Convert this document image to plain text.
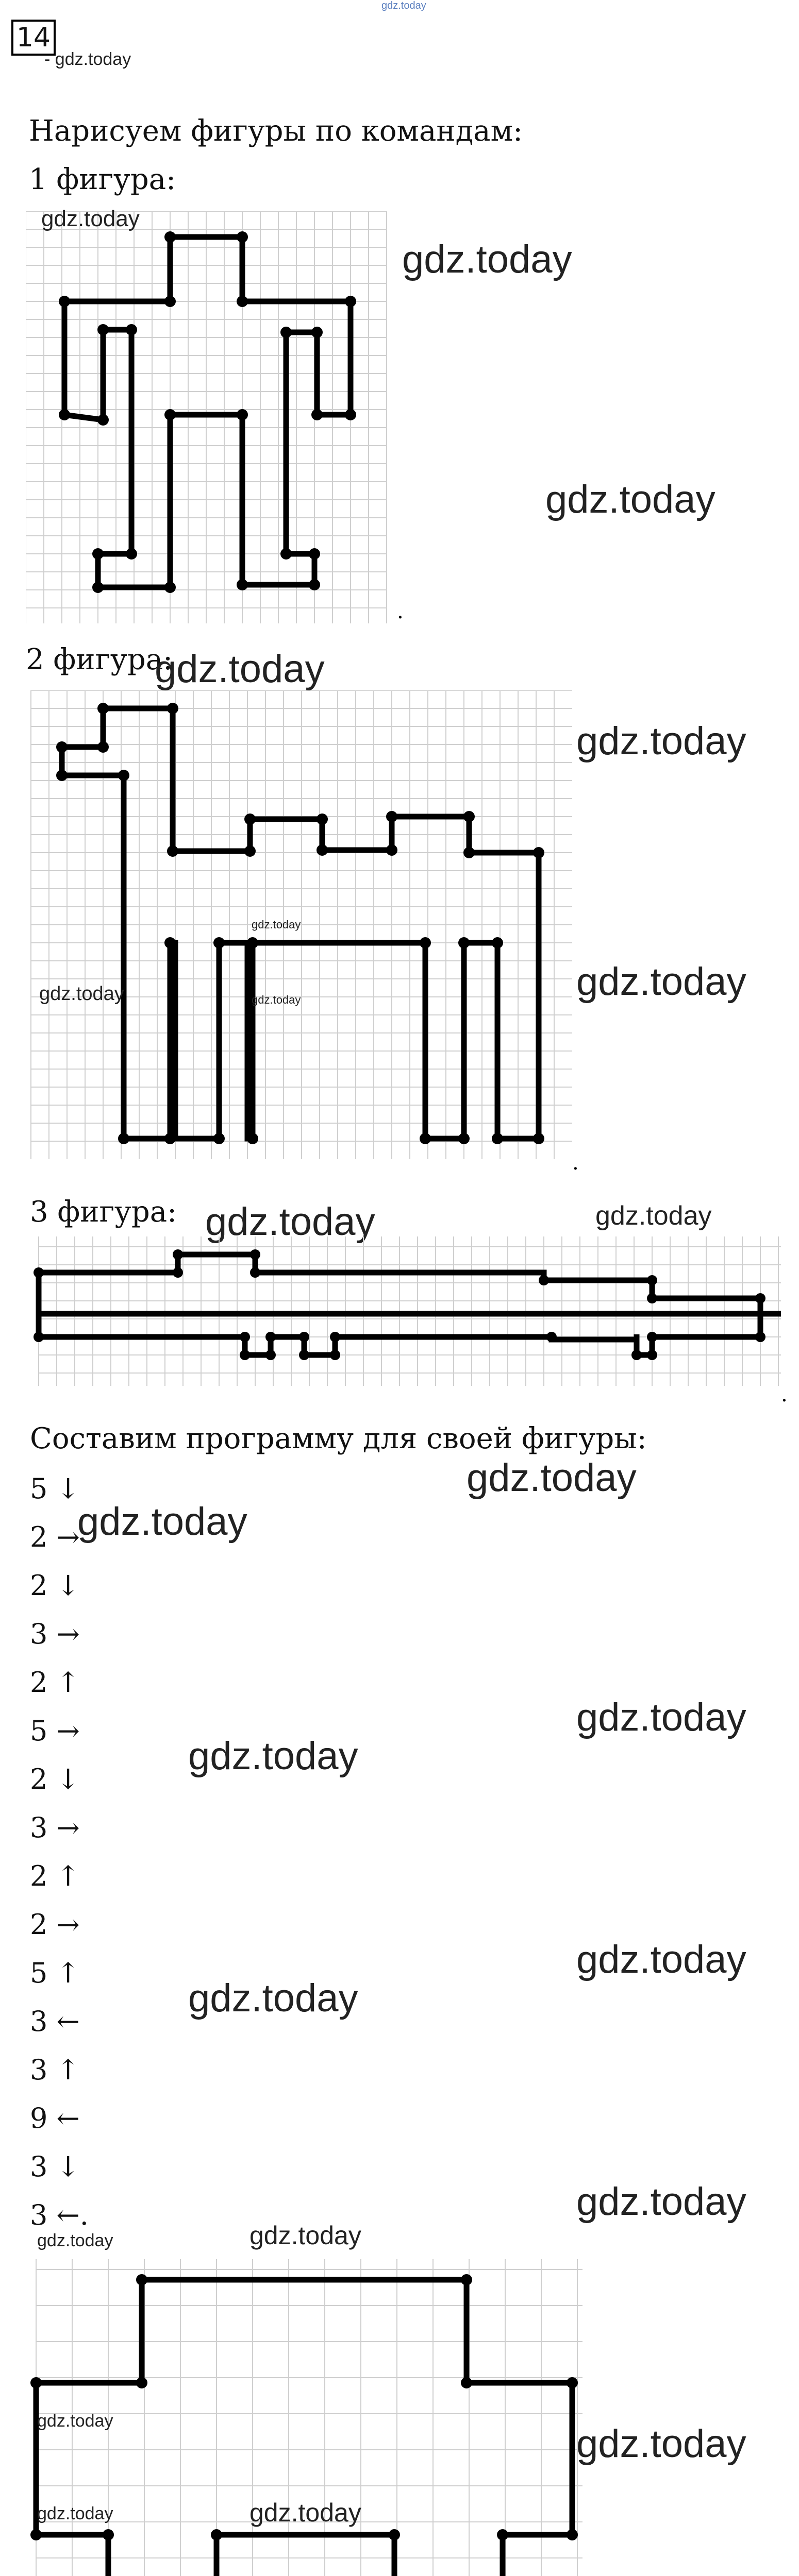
gdz.today
14
- gdz.today
Нарисуем фигуры по командам:
1 фигура:
.
gdz.today
gdz.today
gdz.today
2 фигура:
gdz.today
gdz.today
gdz.today
.
gdz.today
gdz.today
gdz.today
3 фигура: gdz.today	gdz.today
.
Составим программу для своей фигуры:
gdz.today
gdz.today
5 ↓
2 →
2 ↓
3 →
2 ↑
5 →
2 ↓
3 →
2 ↑
2 →
5 ↑
3 ←
3 ↑
9 ←
3 ↓
3 ←.
gdz.today
gdz.today
gdz.today
gdz.today
gdz.today
gdz.today	gdz.today
gdz.today
gdz.today
gdz.today	gdz.today
